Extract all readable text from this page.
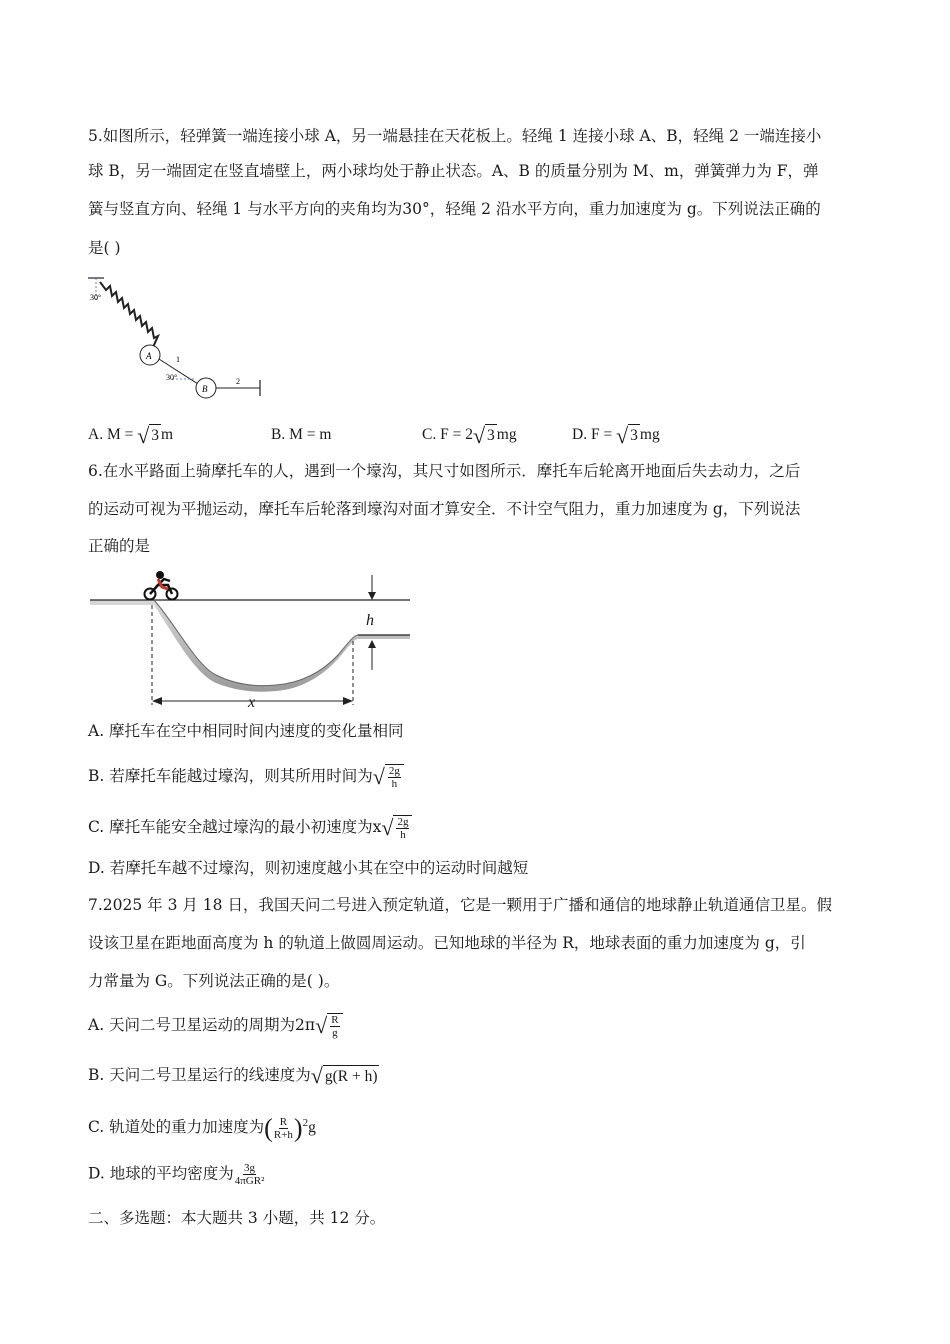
5.如图所示，轻弹簧一端连接小球 A，另一端悬挂在天花板上。轻绳 1 连接小球 A、B，轻绳 2 一端连接小
球 B，另一端固定在竖直墙壁上，两小球均处于静止状态。A、B 的质量分别为 M、m，弹簧弹力为 F，弹
簧与竖直方向、轻绳 1 与水平方向的夹角均为30°，轻绳 2 沿水平方向，重力加速度为 g。下列说法正确的
是( )
30°
A	1
30°
B
2
A. M = √ 3 m	B. M = m	C. F = 2 √ 3 mg	D. F = √ 3 mg
6.在水平路面上骑摩托车的人，遇到一个壕沟，其尺寸如图所示．摩托车后轮离开地面后失去动力，之后
的运动可视为平抛运动，摩托车后轮落到壕沟对面才算安全．不计空气阻力，重力加速度为 g，下列说法
正确的是
h
x
A. 摩托车在空中相同时间内速度的变化量相同
B. 若摩托车能越过壕沟，则其所用时间为 √ $\frac{2g}{h}$
C. 摩托车能安全越过壕沟的最小初速度为x √ $\frac{2g}{h}$
D. 若摩托车越不过壕沟，则初速度越小其在空中的运动时间越短
7.2025 年 3 月 18 日，我国天问二号进入预定轨道，它是一颗用于广播和通信的地球静止轨道通信卫星。假
设该卫星在距地面高度为 h 的轨道上做圆周运动。已知地球的半径为 R，地球表面的重力加速度为 g，引
力常量为 G。下列说法正确的是( )。
A. 天问二号卫星运动的周期为2π √ $\frac{R}{g}$
B. 天问二号卫星运行的线速度为 √ g(R + h)
C. 轨道处的重力加速度为( $\frac{R}{R+h} )^2g$
D. 地球的平均密度为 $\frac{3g}{\text{4πGR²}}$
二、多选题：本大题共 3 小题，共 12 分。
